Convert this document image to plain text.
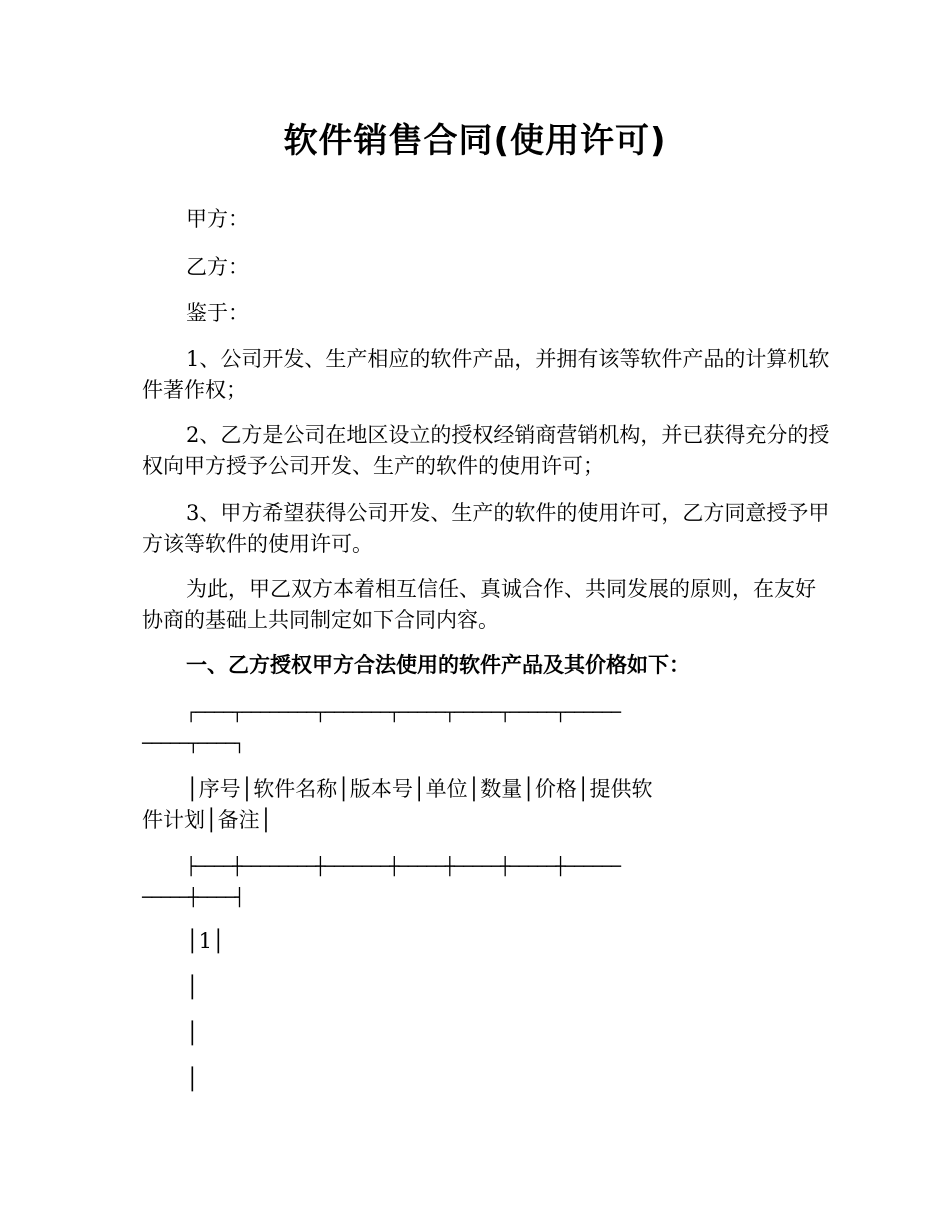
软件销售合同(使用许可)
甲方：
乙方：
鉴于：
1、公司开发、生产相应的软件产品，并拥有该等软件产品的计算机软件著作权；
2、乙方是公司在地区设立的授权经销商营销机构，并已获得充分的授权向甲方授予公司开发、生产的软件的使用许可；
3、甲方希望获得公司开发、生产的软件的使用许可，乙方同意授予甲方该等软件的使用许可。
为此，甲乙双方本着相互信任、真诚合作、共同发展的原则，在友好协商的基础上共同制定如下合同内容。
一、乙方授权甲方合法使用的软件产品及其价格如下：
┌────┬────────┬───────┬─────┬─────┬─────┬──────
─────┬────┐
│序号│软件名称│版本号│单位│数量│价格│提供软
件计划│备注│
├────┼────────┼───────┼─────┼─────┼─────┼──────
─────┼────┤
│1│
│
│
│
